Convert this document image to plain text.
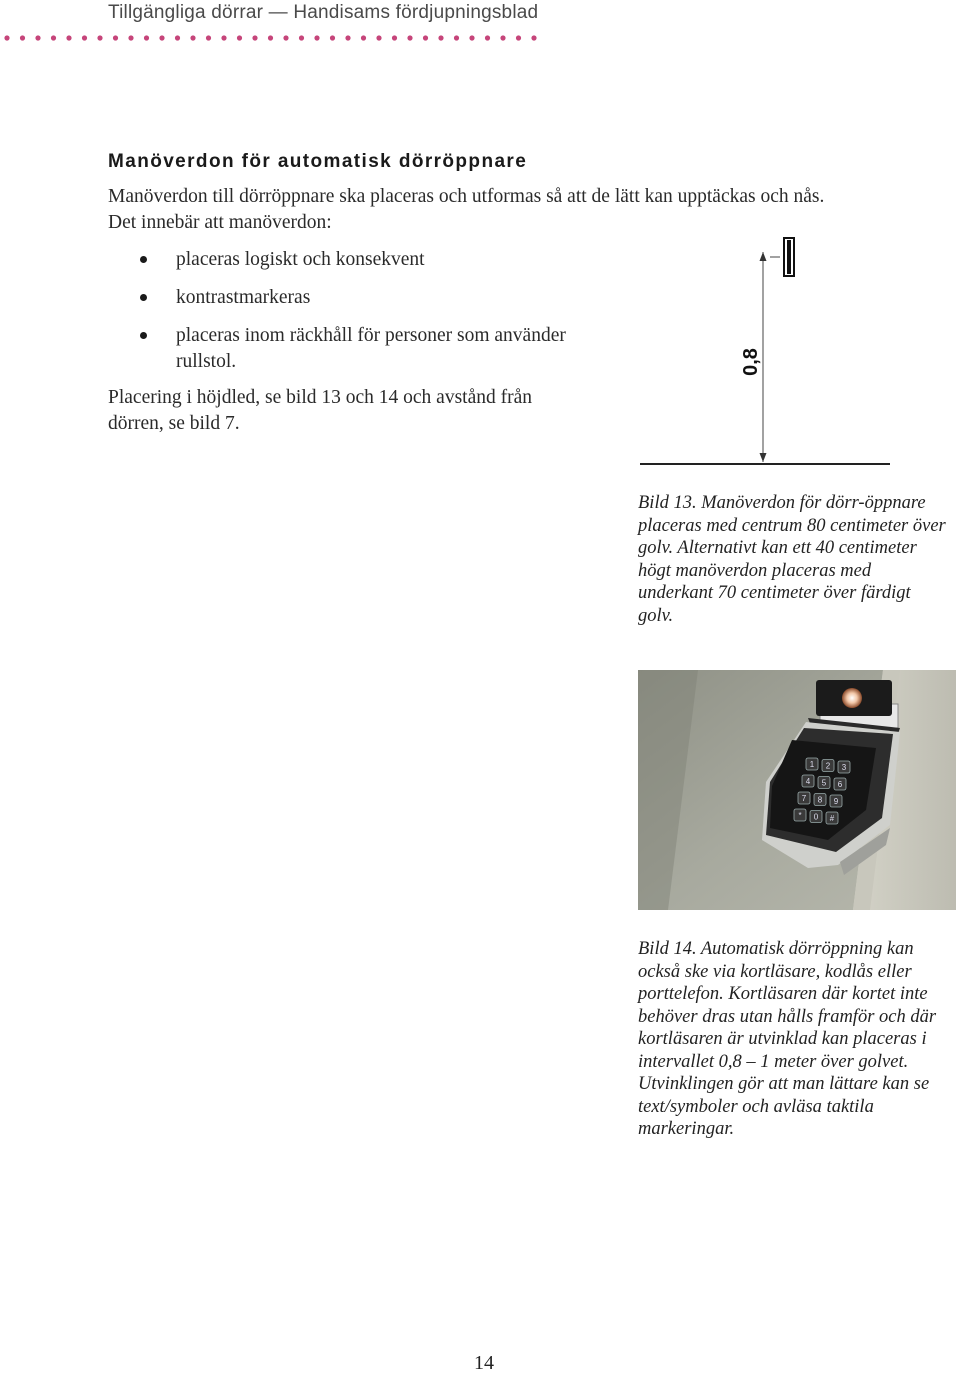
Tillgängliga dörrar — Handisams fördjupningsblad
Manöverdon för automatisk dörröppnare
Manöverdon till dörröppnare ska placeras och utformas så att de lätt kan upptäckas och nås. Det innebär att manöverdon:
placeras logiskt och konsekvent
kontrastmarkeras
placeras inom räckhåll för personer som använder rullstol.
Placering i höjdled, se bild 13 och 14 och avstånd från dörren, se bild 7.
0,8
Bild 13. Manöverdon för dörr-öppnare placeras med centrum 80 centimeter över golv. Alternativt kan ett 40 centimeter högt manöverdon placeras med underkant 70 centimeter över färdigt golv.
1 2 3
4 5 6
7 8 9
* 0 #
Bild 14. Automatisk dörröppning kan också ske via kortläsare, kodlås eller porttelefon. Kortläsaren där kortet inte behöver dras utan hålls framför och där kortläsaren är utvinklad kan placeras i intervallet 0,8 – 1 meter över golvet. Utvinklingen gör att man lättare kan se text/symboler och avläsa taktila markeringar.
14
